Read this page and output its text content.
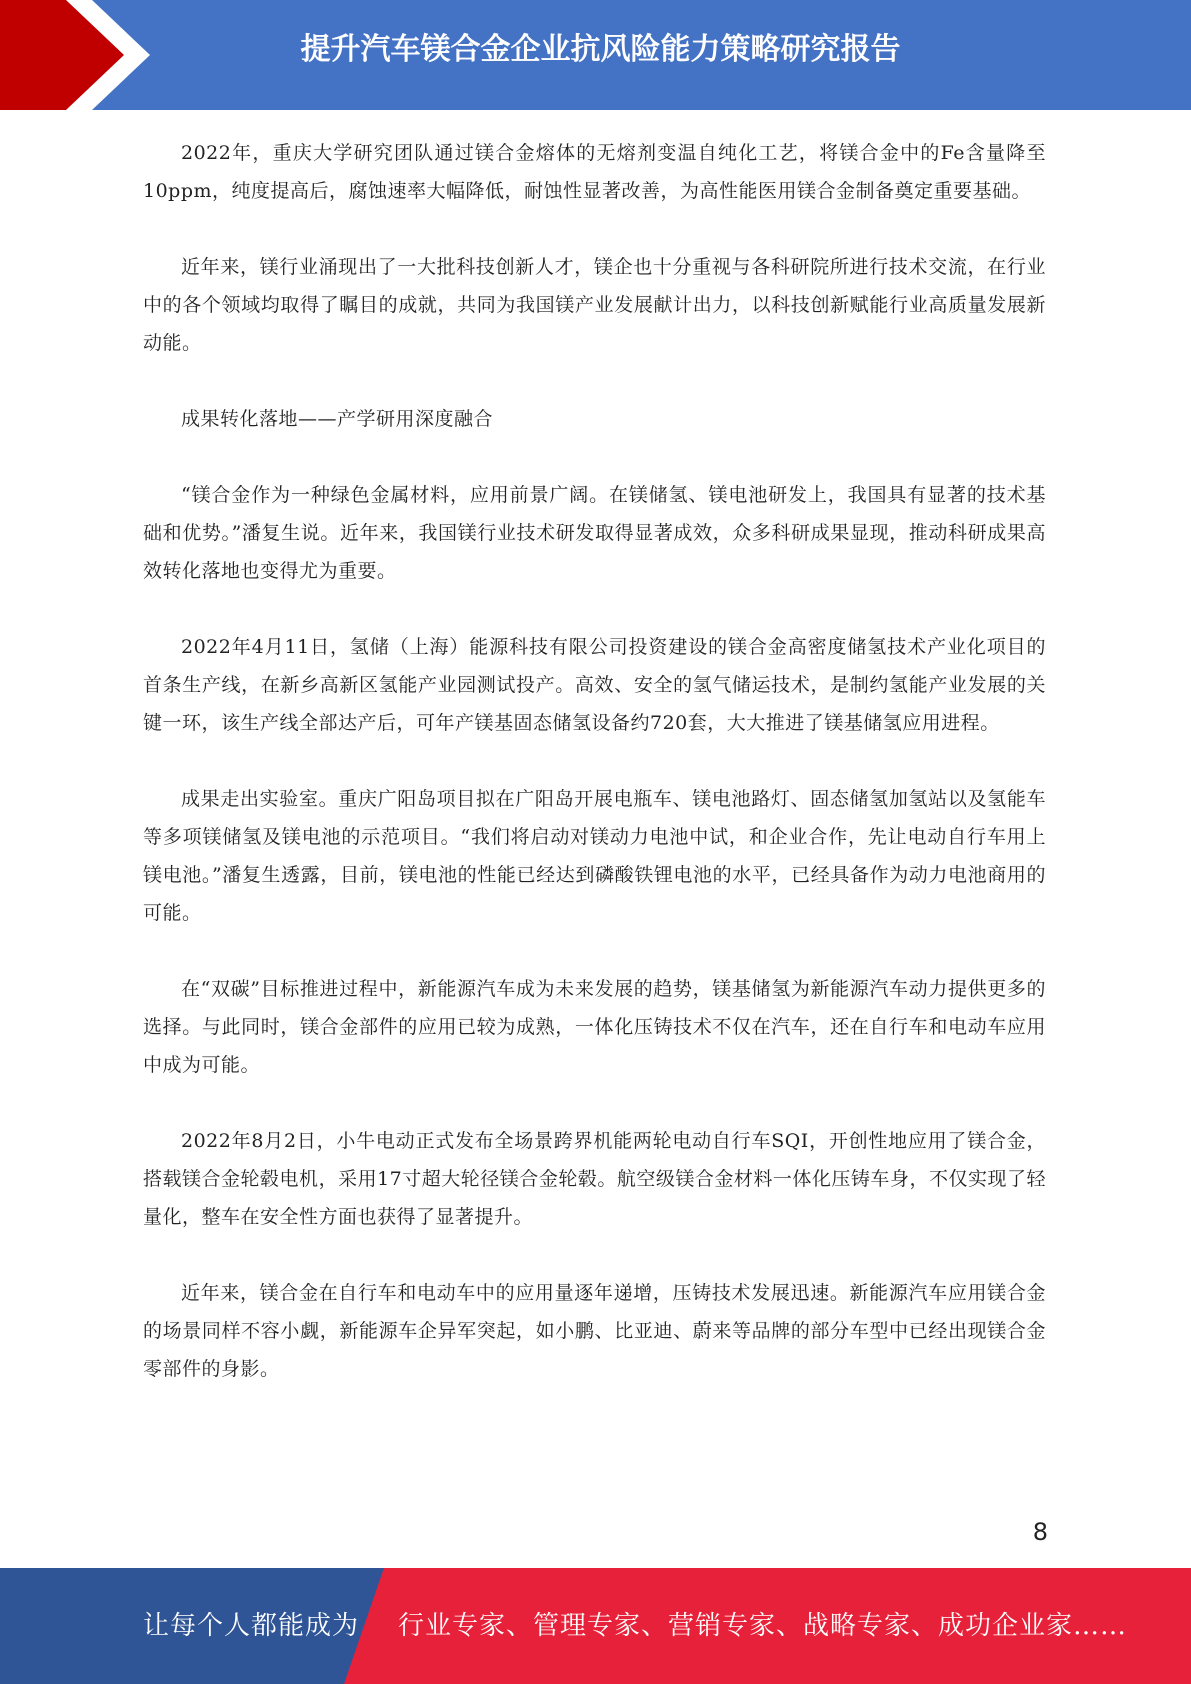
提升汽车镁合金企业抗风险能力策略研究报告

2022年，重庆大学研究团队通过镁合金熔体的无熔剂变温自纯化工艺，将镁合金中的Fe含量降至10ppm，纯度提高后，腐蚀速率大幅降低，耐蚀性显著改善，为高性能医用镁合金制备奠定重要基础。

近年来，镁行业涌现出了一大批科技创新人才，镁企也十分重视与各科研院所进行技术交流，在行业中的各个领域均取得了瞩目的成就，共同为我国镁产业发展献计出力，以科技创新赋能行业高质量发展新动能。

成果转化落地——产学研用深度融合

“镁合金作为一种绿色金属材料，应用前景广阔。在镁储氢、镁电池研发上，我国具有显著的技术基础和优势。”潘复生说。近年来，我国镁行业技术研发取得显著成效，众多科研成果显现，推动科研成果高效转化落地也变得尤为重要。

2022年4月11日，氢储（上海）能源科技有限公司投资建设的镁合金高密度储氢技术产业化项目的首条生产线，在新乡高新区氢能产业园测试投产。高效、安全的氢气储运技术，是制约氢能产业发展的关键一环，该生产线全部达产后，可年产镁基固态储氢设备约720套，大大推进了镁基储氢应用进程。

成果走出实验室。重庆广阳岛项目拟在广阳岛开展电瓶车、镁电池路灯、固态储氢加氢站以及氢能车等多项镁储氢及镁电池的示范项目。“我们将启动对镁动力电池中试，和企业合作，先让电动自行车用上镁电池。”潘复生透露，目前，镁电池的性能已经达到磷酸铁锂电池的水平，已经具备作为动力电池商用的可能。

在“双碳”目标推进过程中，新能源汽车成为未来发展的趋势，镁基储氢为新能源汽车动力提供更多的选择。与此同时，镁合金部件的应用已较为成熟，一体化压铸技术不仅在汽车，还在自行车和电动车应用中成为可能。

2022年8月2日，小牛电动正式发布全场景跨界机能两轮电动自行车SQI，开创性地应用了镁合金，搭载镁合金轮毂电机，采用17寸超大轮径镁合金轮毂。航空级镁合金材料一体化压铸车身，不仅实现了轻量化，整车在安全性方面也获得了显著提升。

近年来，镁合金在自行车和电动车中的应用量逐年递增，压铸技术发展迅速。新能源汽车应用镁合金的场景同样不容小觑，新能源车企异军突起，如小鹏、比亚迪、蔚来等品牌的部分车型中已经出现镁合金零部件的身影。

8
让每个人都能成为 行业专家、管理专家、营销专家、战略专家、成功企业家……
